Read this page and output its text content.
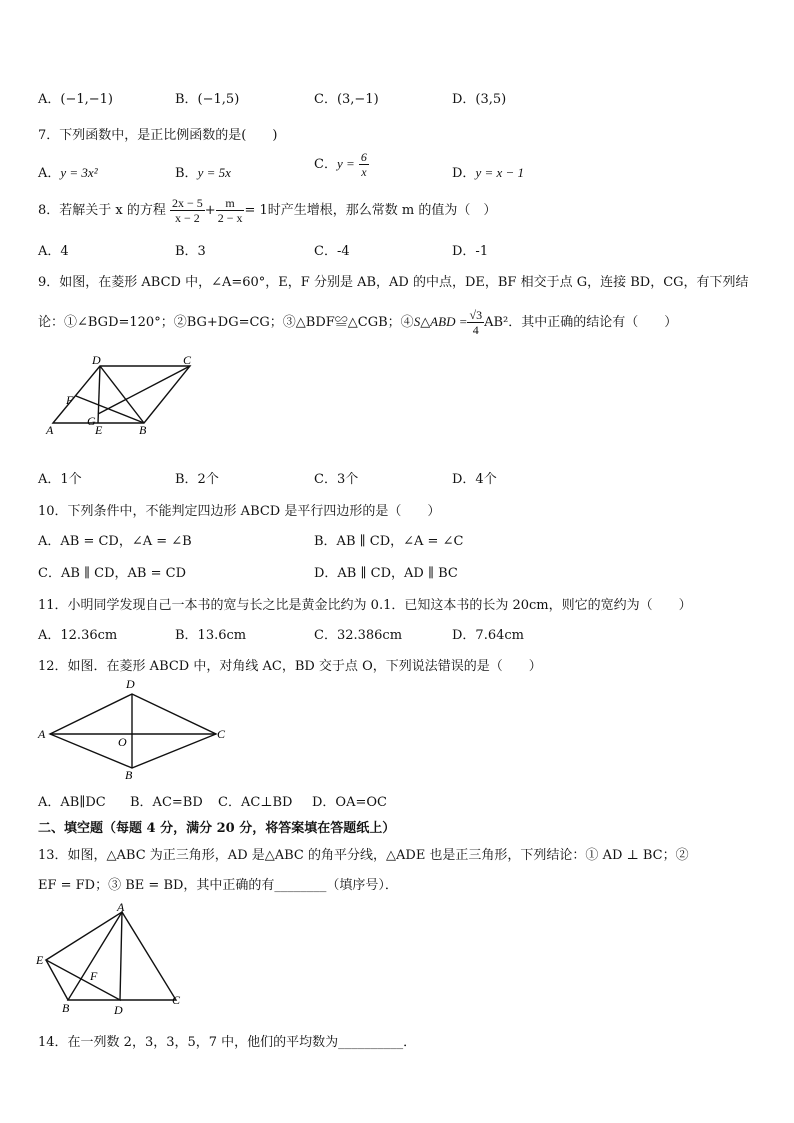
A．(−1,−1)	B．(−1,5)	C．(3,−1)	D．(3,5)
7．下列函数中，是正比例函数的是(　　)
A．y = 3x²	B．y = 5x
C．$y = \frac{6}{x}$	D．y = x − 1
8．若解关于 x 的方程 $\frac{2x - 5}{x - 2} + \frac{m}{2 - x} = 1$时产生增根，那么常数 m 的值为（　）
A．4	B．3	C．-4	D．-1
9．如图，在菱形 ABCD 中，∠A=60°，E，F 分别是 AB，AD 的中点，DE，BF 相交于点 G，连接 BD，CG，有下列结
论：①∠BGD=120°；②BG+DG=CG；③△BDF≌△CGB；④S△ABD = $\frac{√3}{4} AB^2$．其中正确的结论有（　　）
D	C
F
G
A	E	B
A．1个	B．2个	C．3个	D．4个
10．下列条件中，不能判定四边形 ABCD 是平行四边形的是（　　）
A．AB = CD，∠A = ∠B	B．AB ∥ CD，∠A = ∠C
C．AB ∥ CD，AB = CD	D．AB ∥ CD，AD ∥ BC
11．小明同学发现自己一本书的宽与长之比是黄金比约为 0.1．已知这本书的长为 20cm，则它的宽约为（　　）
A．12.36cm	B．13.6cm	C．32.386cm	D．7.64cm
12．如图．在菱形 ABCD 中，对角线 AC，BD 交于点 O，下列说法错误的是（　　）
D
A
O
C
B
A．AB∥DC B．AC=BD C．AC⊥BD D．OA=OC
二、填空题（每题 4 分，满分 20 分，将答案填在答题纸上）
13．如图，△ABC 为正三角形，AD 是△ABC 的角平分线，△ADE 也是正三角形，下列结论：① AD ⊥ BC；②
EF = FD；③ BE = BD，其中正确的有________（填序号）．
A
E
F
B	D
C
14．在一列数 2，3，3，5，7 中，他们的平均数为__________．
